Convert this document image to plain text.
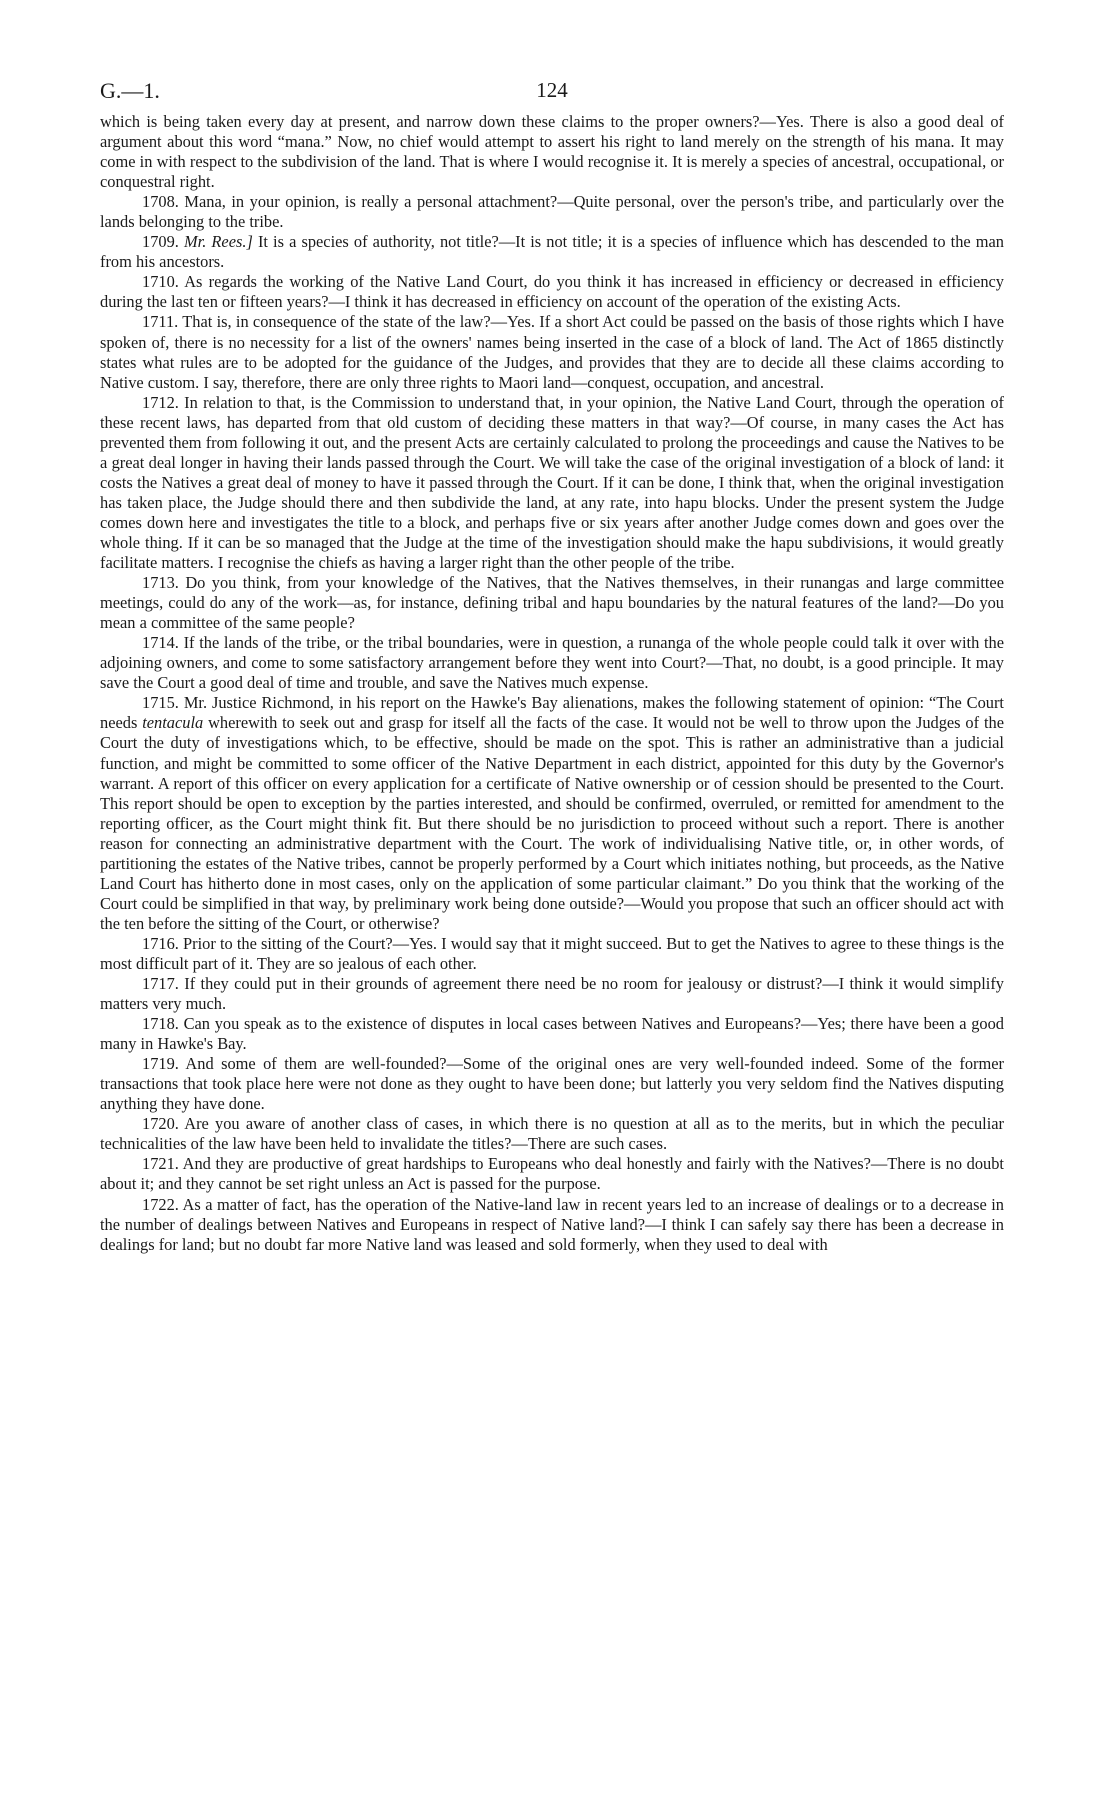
G.—1.	124

which is being taken every day at present, and narrow down these claims to the proper owners?—Yes. There is also a good deal of argument about this word “mana.” Now, no chief would attempt to assert his right to land merely on the strength of his mana. It may come in with respect to the subdivision of the land. That is where I would recognise it. It is merely a species of ancestral, occupational, or conquestral right.

1708. Mana, in your opinion, is really a personal attachment?—Quite personal, over the person's tribe, and particularly over the lands belonging to the tribe.

1709. Mr. Rees.] It is a species of authority, not title?—It is not title; it is a species of influence which has descended to the man from his ancestors.

1710. As regards the working of the Native Land Court, do you think it has increased in efficiency or decreased in efficiency during the last ten or fifteen years?—I think it has decreased in efficiency on account of the operation of the existing Acts.

1711. That is, in consequence of the state of the law?—Yes. If a short Act could be passed on the basis of those rights which I have spoken of, there is no necessity for a list of the owners' names being inserted in the case of a block of land. The Act of 1865 distinctly states what rules are to be adopted for the guidance of the Judges, and provides that they are to decide all these claims according to Native custom. I say, therefore, there are only three rights to Maori land—conquest, occupation, and ancestral.

1712. In relation to that, is the Commission to understand that, in your opinion, the Native Land Court, through the operation of these recent laws, has departed from that old custom of deciding these matters in that way?—Of course, in many cases the Act has prevented them from following it out, and the present Acts are certainly calculated to prolong the proceedings and cause the Natives to be a great deal longer in having their lands passed through the Court. We will take the case of the original investigation of a block of land: it costs the Natives a great deal of money to have it passed through the Court. If it can be done, I think that, when the original investigation has taken place, the Judge should there and then subdivide the land, at any rate, into hapu blocks. Under the present system the Judge comes down here and investigates the title to a block, and perhaps five or six years after another Judge comes down and goes over the whole thing. If it can be so managed that the Judge at the time of the investigation should make the hapu subdivisions, it would greatly facilitate matters. I recognise the chiefs as having a larger right than the other people of the tribe.

1713. Do you think, from your knowledge of the Natives, that the Natives themselves, in their runangas and large committee meetings, could do any of the work—as, for instance, defining tribal and hapu boundaries by the natural features of the land?—Do you mean a committee of the same people?

1714. If the lands of the tribe, or the tribal boundaries, were in question, a runanga of the whole people could talk it over with the adjoining owners, and come to some satisfactory arrangement before they went into Court?—That, no doubt, is a good principle. It may save the Court a good deal of time and trouble, and save the Natives much expense.

1715. Mr. Justice Richmond, in his report on the Hawke's Bay alienations, makes the following statement of opinion: “The Court needs tentacula wherewith to seek out and grasp for itself all the facts of the case. It would not be well to throw upon the Judges of the Court the duty of investigations which, to be effective, should be made on the spot. This is rather an administrative than a judicial function, and might be committed to some officer of the Native Department in each district, appointed for this duty by the Governor's warrant. A report of this officer on every application for a certificate of Native ownership or of cession should be presented to the Court. This report should be open to exception by the parties interested, and should be confirmed, overruled, or remitted for amendment to the reporting officer, as the Court might think fit. But there should be no jurisdiction to proceed without such a report. There is another reason for connecting an administrative department with the Court. The work of individualising Native title, or, in other words, of partitioning the estates of the Native tribes, cannot be properly performed by a Court which initiates nothing, but proceeds, as the Native Land Court has hitherto done in most cases, only on the application of some particular claimant.” Do you think that the working of the Court could be simplified in that way, by preliminary work being done outside?—Would you propose that such an officer should act with the ten before the sitting of the Court, or otherwise?

1716. Prior to the sitting of the Court?—Yes. I would say that it might succeed. But to get the Natives to agree to these things is the most difficult part of it. They are so jealous of each other.

1717. If they could put in their grounds of agreement there need be no room for jealousy or distrust?—I think it would simplify matters very much.

1718. Can you speak as to the existence of disputes in local cases between Natives and Europeans?—Yes; there have been a good many in Hawke's Bay.

1719. And some of them are well-founded?—Some of the original ones are very well-founded indeed. Some of the former transactions that took place here were not done as they ought to have been done; but latterly you very seldom find the Natives disputing anything they have done.

1720. Are you aware of another class of cases, in which there is no question at all as to the merits, but in which the peculiar technicalities of the law have been held to invalidate the titles?—There are such cases.

1721. And they are productive of great hardships to Europeans who deal honestly and fairly with the Natives?—There is no doubt about it; and they cannot be set right unless an Act is passed for the purpose.

1722. As a matter of fact, has the operation of the Native-land law in recent years led to an increase of dealings or to a decrease in the number of dealings between Natives and Europeans in respect of Native land?—I think I can safely say there has been a decrease in dealings for land; but no doubt far more Native land was leased and sold formerly, when they used to deal with
